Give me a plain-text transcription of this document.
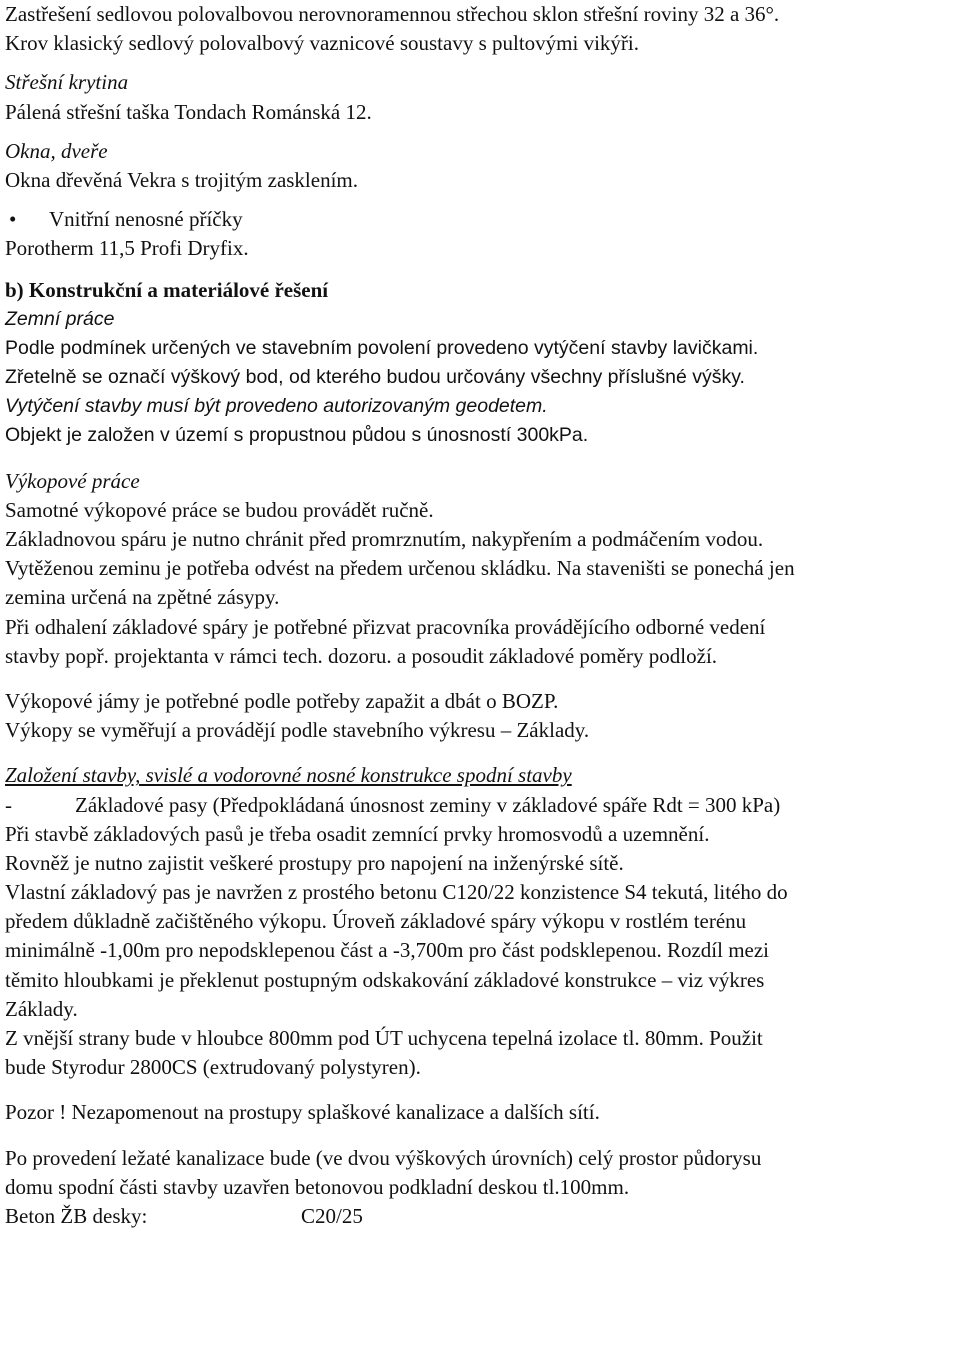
Zastřešení sedlovou polovalbovou nerovnoramennou střechou sklon střešní roviny 32 a 36°.
Krov klasický sedlový polovalbový vaznicové soustavy s pultovými vikýři.
Střešní krytina
Pálená střešní taška Tondach Románská 12.
Okna, dveře
Okna dřevěná Vekra s trojitým zasklením.
• Vnitřní nenosné příčky
Porotherm 11,5 Profi Dryfix.
b) Konstrukční a materiálové řešení
Zemní práce
Podle podmínek určených ve stavebním povolení provedeno vytýčení stavby lavičkami.
Zřetelně se označí výškový bod, od kterého budou určovány všechny příslušné výšky.
Vytýčení stavby musí být provedeno autorizovaným geodetem.
Objekt je založen v území s propustnou půdou s únosností 300kPa.
Výkopové práce
Samotné výkopové práce se budou provádět ručně.
Základnovou spáru je nutno chránit před promrznutím, nakypřením a podmáčením vodou.
Vytěženou zeminu je potřeba odvést na předem určenou skládku. Na staveništi se ponechá jen
zemina určená na zpětné zásypy.
Při odhalení základové spáry je potřebné přizvat pracovníka provádějícího odborné vedení
stavby popř. projektanta v rámci tech. dozoru. a posoudit základové poměry podloží.
Výkopové jámy je potřebné podle potřeby zapažit a dbát o BOZP.
Výkopy se vyměřují a provádějí podle stavebního výkresu – Základy.
Založení stavby, svislé a vodorovné nosné konstrukce spodní stavby
-	Základové pasy (Předpokládaná únosnost zeminy v základové spáře Rdt = 300 kPa)
Při stavbě základových pasů je třeba osadit zemnící prvky hromosvodů a uzemnění.
Rovněž je nutno zajistit veškeré prostupy pro napojení na inženýrské sítě.
Vlastní základový pas je navržen z prostého betonu C120/22 konzistence S4 tekutá, litého do
předem důkladně začištěného výkopu. Úroveň základové spáry výkopu v rostlém terénu
minimálně -1,00m pro nepodsklepenou část a -3,700m pro část podsklepenou. Rozdíl mezi
těmito hloubkami je překlenut postupným odskakování základové konstrukce – viz výkres
Základy.
Z vnější strany bude v hloubce 800mm pod ÚT uchycena tepelná izolace tl. 80mm. Použit
bude Styrodur 2800CS (extrudovaný polystyren).
Pozor ! Nezapomenout na prostupy splaškové kanalizace a dalších sítí.
Po provedení ležaté kanalizace bude (ve dvou výškových úrovních) celý prostor půdorysu
domu spodní části stavby uzavřen betonovou podkladní deskou tl.100mm.
Beton ŽB desky:	C20/25
